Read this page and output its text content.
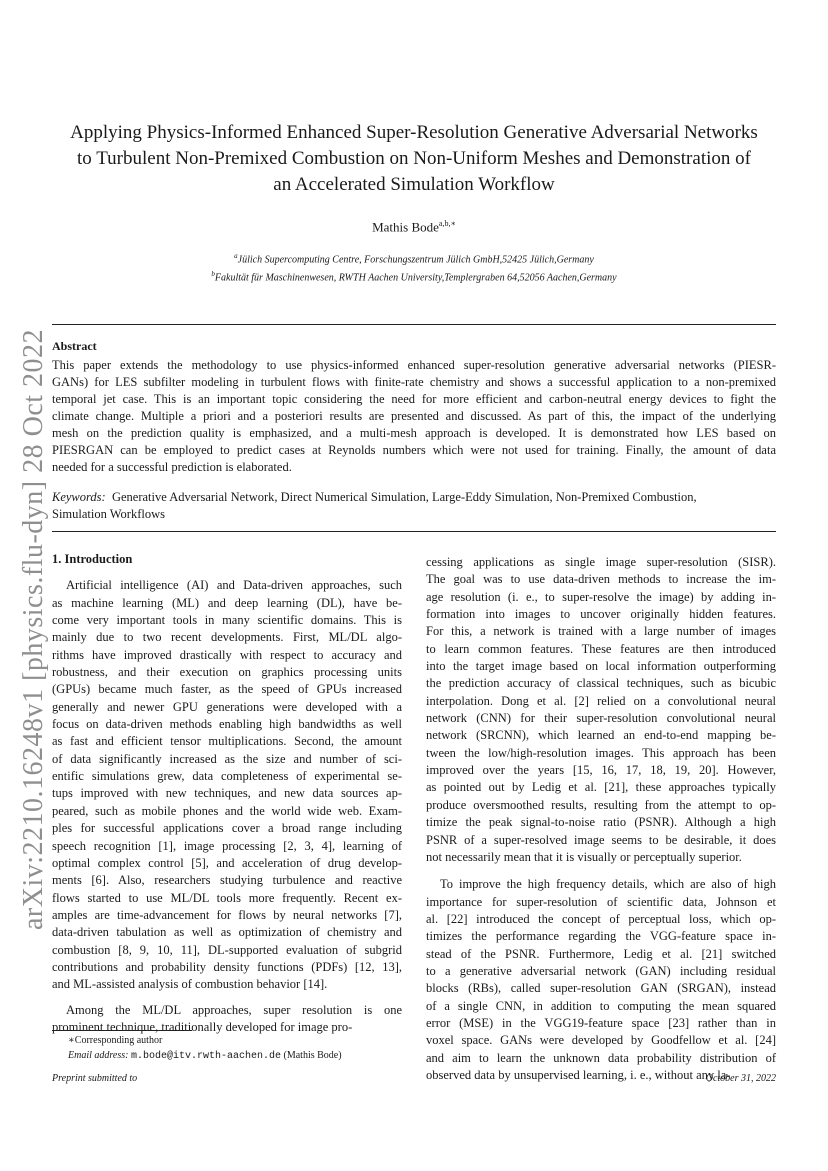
arXiv:2210.16248v1 [physics.flu-dyn] 28 Oct 2022
Applying Physics-Informed Enhanced Super-Resolution Generative Adversarial Networks
to Turbulent Non-Premixed Combustion on Non-Uniform Meshes and Demonstration of
an Accelerated Simulation Workflow
Mathis Bode$^{a,b,∗}$
$^a$Jülich Supercomputing Centre, Forschungszentrum Jülich GmbH,52425 Jülich,Germany
$^b$Fakultät für Maschinenwesen, RWTH Aachen University,Templergraben 64,52056 Aachen,Germany
Abstract
This paper extends the methodology to use physics-informed enhanced super-resolution generative adversarial networks (PIESR-
GANs) for LES subfilter modeling in turbulent flows with finite-rate chemistry and shows a successful application to a non-premixed
temporal jet case. This is an important topic considering the need for more efficient and carbon-neutral energy devices to fight the
climate change. Multiple a priori and a posteriori results are presented and discussed. As part of this, the impact of the underlying
mesh on the prediction quality is emphasized, and a multi-mesh approach is developed. It is demonstrated how LES based on
PIESRGAN can be employed to predict cases at Reynolds numbers which were not used for training. Finally, the amount of data
needed for a successful prediction is elaborated.
Keywords: Generative Adversarial Network, Direct Numerical Simulation, Large-Eddy Simulation, Non-Premixed Combustion,
Simulation Workflows
1. Introduction
Artificial intelligence (AI) and Data-driven approaches, such
as machine learning (ML) and deep learning (DL), have be-
come very important tools in many scientific domains. This is
mainly due to two recent developments. First, ML/DL algo-
rithms have improved drastically with respect to accuracy and
robustness, and their execution on graphics processing units
(GPUs) became much faster, as the speed of GPUs increased
generally and newer GPU generations were developed with a
focus on data-driven methods enabling high bandwidths as well
as fast and efficient tensor multiplications. Second, the amount
of data significantly increased as the size and number of sci-
entific simulations grew, data completeness of experimental se-
tups improved with new techniques, and new data sources ap-
peared, such as mobile phones and the world wide web. Exam-
ples for successful applications cover a broad range including
speech recognition [1], image processing [2, 3, 4], learning of
optimal complex control [5], and acceleration of drug develop-
ments [6]. Also, researchers studying turbulence and reactive
flows started to use ML/DL tools more frequently. Recent ex-
amples are time-advancement for flows by neural networks [7],
data-driven tabulation as well as optimization of chemistry and
combustion [8, 9, 10, 11], DL-supported evaluation of subgrid
contributions and probability density functions (PDFs) [12, 13],
and ML-assisted analysis of combustion behavior [14].
Among the ML/DL approaches, super resolution is one
prominent technique, traditionally developed for image pro-
cessing applications as single image super-resolution (SISR).
The goal was to use data-driven methods to increase the im-
age resolution (i. e., to super-resolve the image) by adding in-
formation into images to uncover originally hidden features.
For this, a network is trained with a large number of images
to learn common features. These features are then introduced
into the target image based on local information outperforming
the prediction accuracy of classical techniques, such as bicubic
interpolation. Dong et al. [2] relied on a convolutional neural
network (CNN) for their super-resolution convolutional neural
network (SRCNN), which learned an end-to-end mapping be-
tween the low/high-resolution images. This approach has been
improved over the years [15, 16, 17, 18, 19, 20]. However,
as pointed out by Ledig et al. [21], these approaches typically
produce oversmoothed results, resulting from the attempt to op-
timize the peak signal-to-noise ratio (PSNR). Although a high
PSNR of a super-resolved image seems to be desirable, it does
not necessarily mean that it is visually or perceptually superior.
To improve the high frequency details, which are also of high
importance for super-resolution of scientific data, Johnson et
al. [22] introduced the concept of perceptual loss, which op-
timizes the performance regarding the VGG-feature space in-
stead of the PSNR. Furthermore, Ledig et al. [21] switched
to a generative adversarial network (GAN) including residual
blocks (RBs), called super-resolution GAN (SRGAN), instead
of a single CNN, in addition to computing the mean squared
error (MSE) in the VGG19-feature space [23] rather than in
voxel space. GANs were developed by Goodfellow et al. [24]
and aim to learn the unknown data probability distribution of
observed data by unsupervised learning, i. e., without any la-
∗Corresponding author
Email address: m.bode@itv.rwth-aachen.de (Mathis Bode)
Preprint submitted to	October 31, 2022
